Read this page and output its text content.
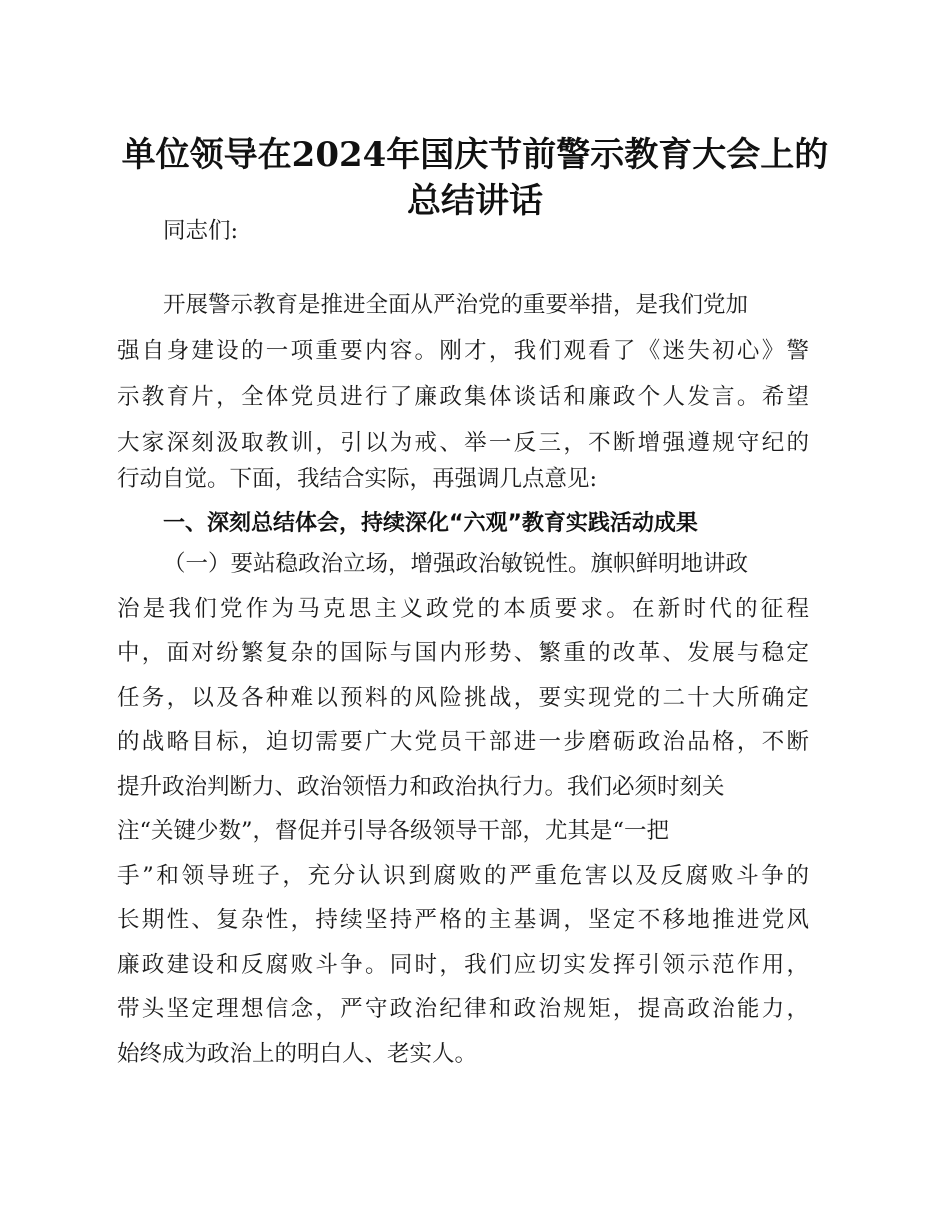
单位领导在2024年国庆节前警示教育大会上的
总结讲话
同志们:
开展警示教育是推进全面从严治党的重要举措，是我们党加
强自身建设的一项重要内容。刚才，我们观看了《迷失初心》警
示教育片，全体党员进行了廉政集体谈话和廉政个人发言。希望
大家深刻汲取教训，引以为戒、举一反三，不断增强遵规守纪的
行动自觉。下面，我结合实际，再强调几点意见:
一、深刻总结体会，持续深化“六观”教育实践活动成果
（一）要站稳政治立场，增强政治敏锐性。旗帜鲜明地讲政
治是我们党作为马克思主义政党的本质要求。在新时代的征程
中，面对纷繁复杂的国际与国内形势、繁重的改革、发展与稳定
任务，以及各种难以预料的风险挑战，要实现党的二十大所确定
的战略目标，迫切需要广大党员干部进一步磨砺政治品格，不断
提升政治判断力、政治领悟力和政治执行力。我们必须时刻关
注“关键少数”，督促并引导各级领导干部，尤其是“一把
手”和领导班子，充分认识到腐败的严重危害以及反腐败斗争的
长期性、复杂性，持续坚持严格的主基调，坚定不移地推进党风
廉政建设和反腐败斗争。同时，我们应切实发挥引领示范作用，
带头坚定理想信念，严守政治纪律和政治规矩，提高政治能力，
始终成为政治上的明白人、老实人。
